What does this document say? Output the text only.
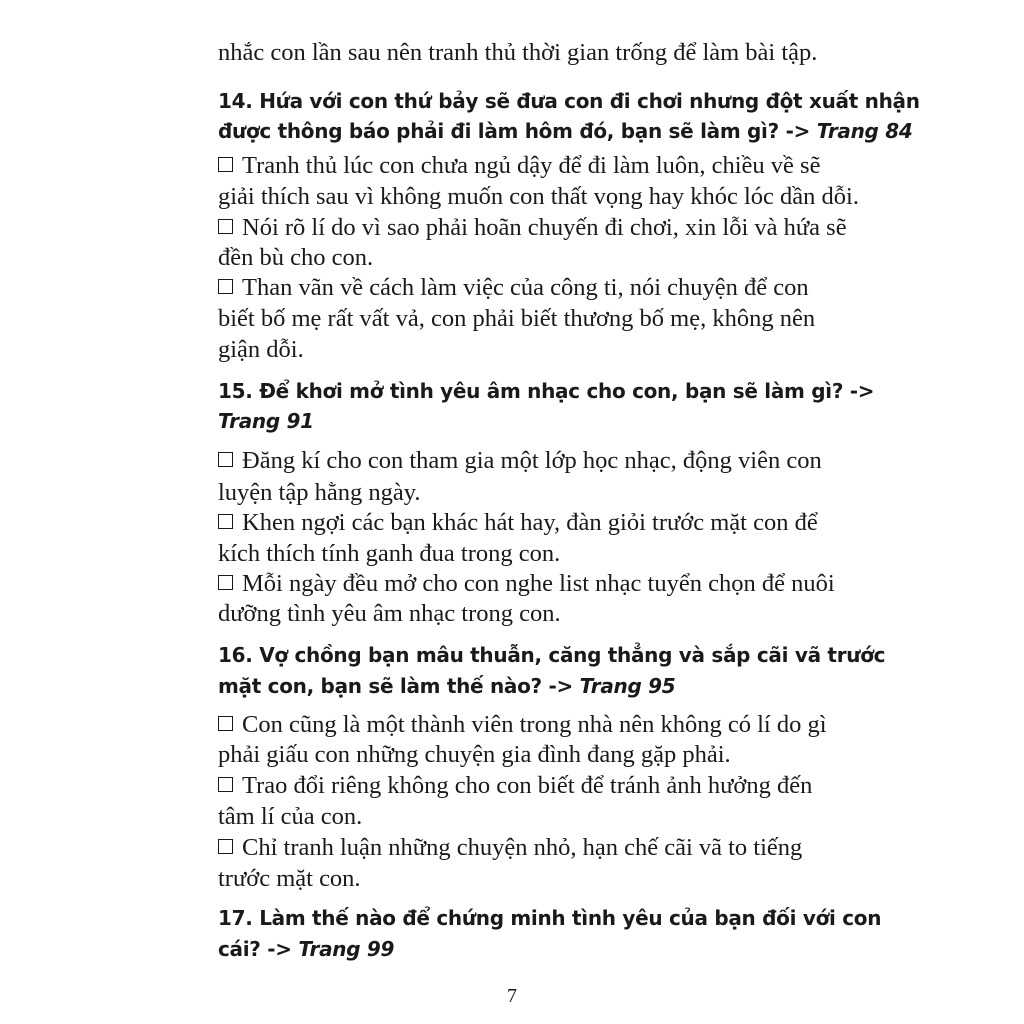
nhắc con lần sau nên tranh thủ thời gian trống để làm bài tập.
14. Hứa với con thứ bảy sẽ đưa con đi chơi nhưng đột xuất nhận
được thông báo phải đi làm hôm đó, bạn sẽ làm gì? -> Trang 84
Tranh thủ lúc con chưa ngủ dậy để đi làm luôn, chiều về sẽ
giải thích sau vì không muốn con thất vọng hay khóc lóc dần dỗi.
Nói rõ lí do vì sao phải hoãn chuyến đi chơi, xin lỗi và hứa sẽ
đền bù cho con.
Than vãn về cách làm việc của công ti, nói chuyện để con
biết bố mẹ rất vất vả, con phải biết thương bố mẹ, không nên
giận dỗi.
15. Để khơi mở tình yêu âm nhạc cho con, bạn sẽ làm gì? ->
Trang 91
Đăng kí cho con tham gia một lớp học nhạc, động viên con
luyện tập hằng ngày.
Khen ngợi các bạn khác hát hay, đàn giỏi trước mặt con để
kích thích tính ganh đua trong con.
Mỗi ngày đều mở cho con nghe list nhạc tuyển chọn để nuôi
dưỡng tình yêu âm nhạc trong con.
16. Vợ chồng bạn mâu thuẫn, căng thẳng và sắp cãi vã trước
mặt con, bạn sẽ làm thế nào? -> Trang 95
Con cũng là một thành viên trong nhà nên không có lí do gì
phải giấu con những chuyện gia đình đang gặp phải.
Trao đổi riêng không cho con biết để tránh ảnh hưởng đến
tâm lí của con.
Chỉ tranh luận những chuyện nhỏ, hạn chế cãi vã to tiếng
trước mặt con.
17. Làm thế nào để chứng minh tình yêu của bạn đối với con
cái? -> Trang 99
7
